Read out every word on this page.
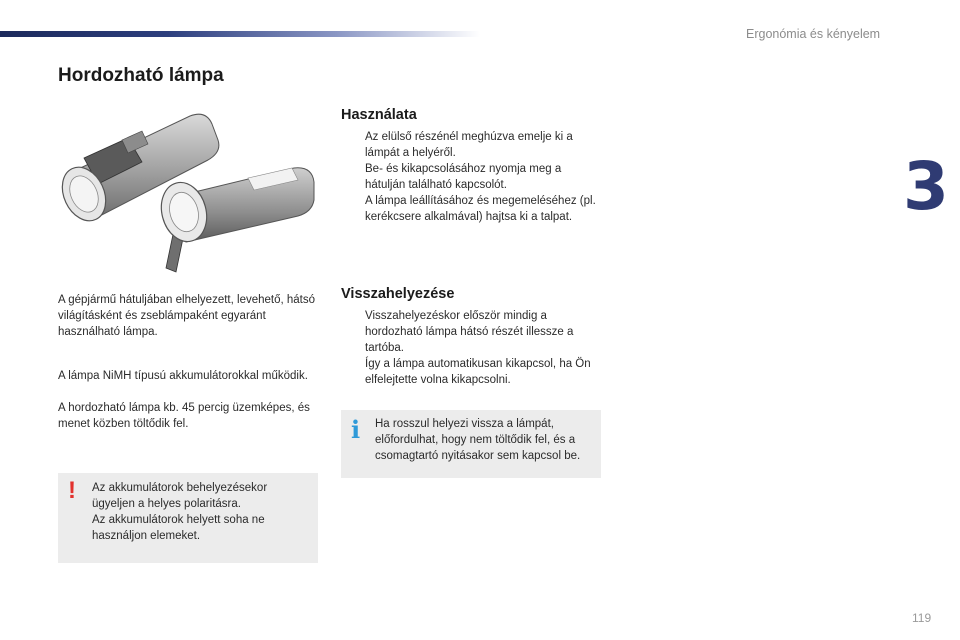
Ergonómia és kényelem
3
Hordozható lámpa

A gépjármű hátuljában elhelyezett, levehető, hátsó világításként és zseblámpaként egyaránt használható lámpa.

A lámpa NiMH típusú akkumulátorokkal működik.

A hordozható lámpa kb. 45 percig üzemképes, és menet közben töltődik fel.

! Az akkumulátorok behelyezésekor ügyeljen a helyes polaritásra.

Az akkumulátorok helyett soha ne használjon elemeket.

Használata
Az elülső részénél meghúzva emelje ki a lámpát a helyéről.
Be- és kikapcsolásához nyomja meg a hátulján található kapcsolót.
A lámpa leállításához és megemeléséhez (pl. kerékcsere alkalmával) hajtsa ki a talpat.
Visszahelyezése
Visszahelyezéskor először mindig a hordozható lámpa hátsó részét illessze a tartóba.
Így a lámpa automatikusan kikapcsol, ha Ön elfelejtette volna kikapcsolni.
i Ha rosszul helyezi vissza a lámpát, előfordulhat, hogy nem töltődik fel, és a csomagtartó nyitásakor sem kapcsol be.

119
